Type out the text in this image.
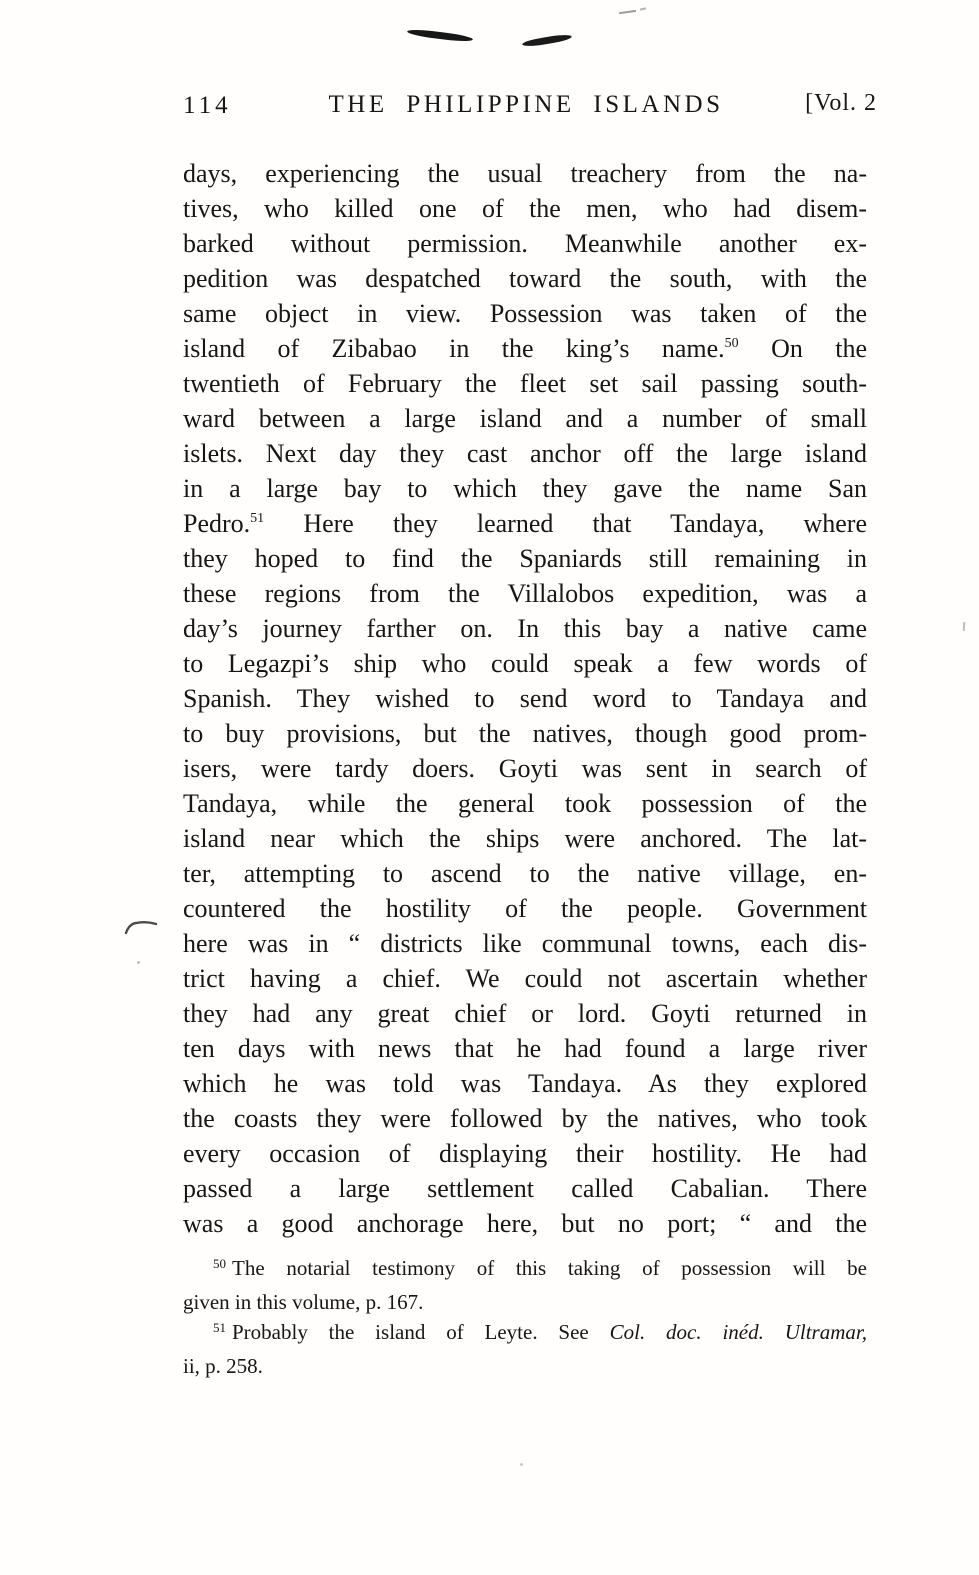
114	THE PHILIPPINE ISLANDS	[Vol. 2
days, experiencing the usual treachery from the na-
tives, who killed one of the men, who had disem-
barked without permission. Meanwhile another ex-
pedition was despatched toward the south, with the
same object in view. Possession was taken of the
island of Zibabao in the king’s name.$^{50}$ On the
twentieth of February the fleet set sail passing south-
ward between a large island and a number of small
islets. Next day they cast anchor off the large island
in a large bay to which they gave the name San
Pedro.$^{51}$ Here they learned that Tandaya, where
they hoped to find the Spaniards still remaining in
these regions from the Villalobos expedition, was a
day’s journey farther on. In this bay a native came
to Legazpi’s ship who could speak a few words of
Spanish. They wished to send word to Tandaya and
to buy provisions, but the natives, though good prom-
isers, were tardy doers. Goyti was sent in search of
Tandaya, while the general took possession of the
island near which the ships were anchored. The lat-
ter, attempting to ascend to the native village, en-
countered the hostility of the people. Government
here was in “ districts like communal towns, each dis-
trict having a chief. We could not ascertain whether
they had any great chief or lord. Goyti returned in
ten days with news that he had found a large river
which he was told was Tandaya. As they explored
the coasts they were followed by the natives, who took
every occasion of displaying their hostility. He had
passed a large settlement called Cabalian. There
was a good anchorage here, but no port; “ and the
$^{50}$ The notarial testimony of this taking of possession will be
given in this volume, p. 167.
$^{51}$ Probably the island of Leyte. See Col. doc. inéd. Ultramar,
ii, p. 258.
